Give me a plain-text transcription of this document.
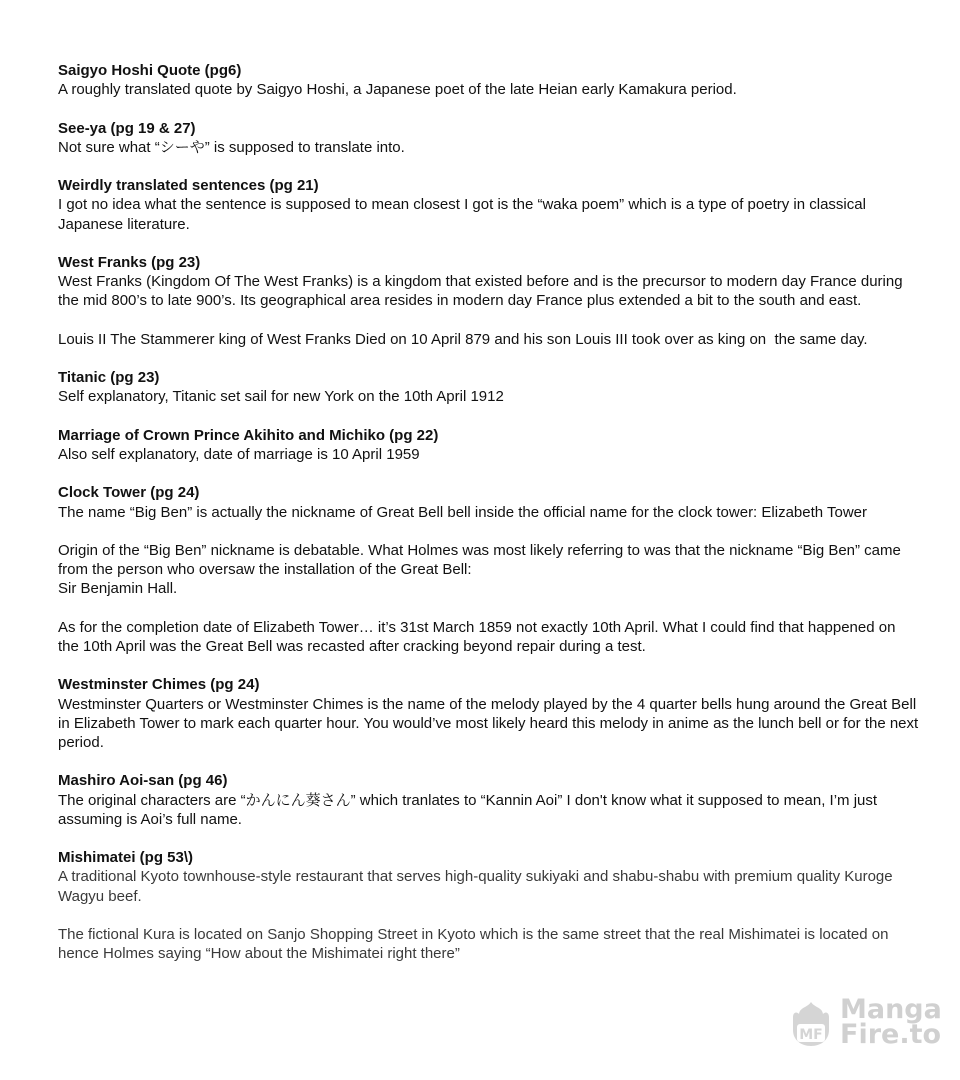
Saigyo Hoshi Quote (pg6)

A roughly translated quote by Saigyo Hoshi, a Japanese poet of the late Heian early Kamakura period.

See-ya (pg 19 & 27)

Not sure what “シーや” is supposed to translate into.

Weirdly translated sentences (pg 21)

I got no idea what the sentence is supposed to mean closest I got is the “waka poem” which is a type of poetry in classical Japanese literature.

West Franks (pg 23)

West Franks (Kingdom Of The West Franks) is a kingdom that existed before and is the precursor to modern day France during the mid 800’s to late 900’s. Its geographical area resides in modern day France plus extended a bit to the south and east.

Louis II The Stammerer king of West Franks Died on 10 April 879 and his son Louis III took over as king on  the same day.

Titanic (pg 23)

Self explanatory, Titanic set sail for new York on the 10th April 1912

Marriage of Crown Prince Akihito and Michiko (pg 22)

Also self explanatory, date of marriage is 10 April 1959

Clock Tower (pg 24)

The name “Big Ben” is actually the nickname of Great Bell bell inside the official name for the clock tower: Elizabeth Tower

Origin of the “Big Ben” nickname is debatable. What Holmes was most likely referring to was that the nickname “Big Ben” came from the person who oversaw the installation of the Great Bell:
Sir Benjamin Hall.

As for the completion date of Elizabeth Tower… it’s 31st March 1859 not exactly 10th April. What I could find that happened on the 10th April was the Great Bell was recasted after cracking beyond repair during a test.

Westminster Chimes (pg 24)

Westminster Quarters or Westminster Chimes is the name of the melody played by the 4 quarter bells hung around the Great Bell in Elizabeth Tower to mark each quarter hour. You would’ve most likely heard this melody in anime as the lunch bell or for the next period.

Mashiro Aoi-san (pg 46)

The original characters are “かんにん葵さん” which tranlates to “Kannin Aoi” I don't know what it supposed to mean, I’m just assuming is Aoi’s full name.

Mishimatei (pg 53\)

A traditional Kyoto townhouse-style restaurant that serves high-quality sukiyaki and shabu-shabu with premium quality Kuroge Wagyu beef.

The fictional Kura is located on Sanjo Shopping Street in Kyoto which is the same street that the real Mishimatei is located on hence Holmes saying “How about the Mishimatei right there”

MF
Manga
Fire.to
